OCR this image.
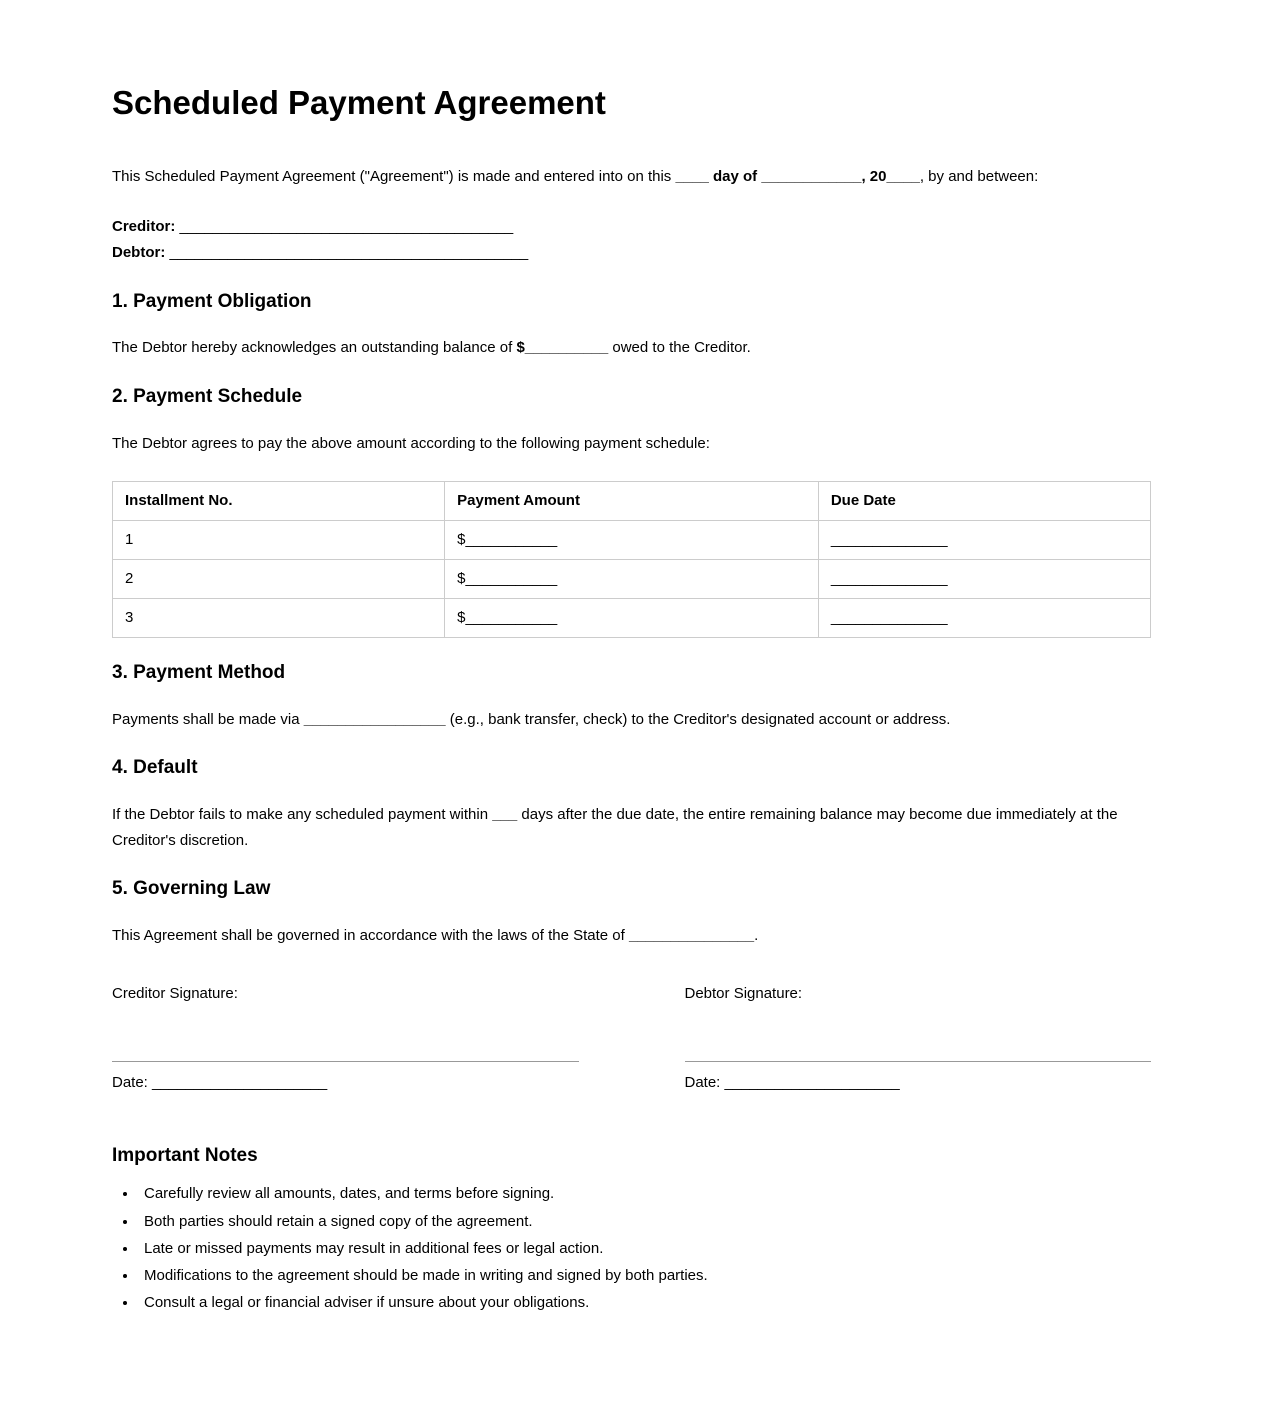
Scheduled Payment Agreement

This Scheduled Payment Agreement ("Agreement") is made and entered into on this ____ day of ____________, 20____, by and between:

Creditor: ________________________________________
Debtor: ___________________________________________
1. Payment Obligation

The Debtor hereby acknowledges an outstanding balance of $__________ owed to the Creditor.

2. Payment Schedule

The Debtor agrees to pay the above amount according to the following payment schedule:

Installment No.	Payment Amount	Due Date
1	$___________	______________
2	$___________	______________
3	$___________	______________
3. Payment Method

Payments shall be made via _________________ (e.g., bank transfer, check) to the Creditor's designated account or address.

4. Default

If the Debtor fails to make any scheduled payment within ___ days after the due date, the entire remaining balance may become due immediately at the Creditor's discretion.

5. Governing Law

This Agreement shall be governed in accordance with the laws of the State of _______________.

Creditor Signature:

Date: _____________________

Debtor Signature:

Date: _____________________

Important Notes
• Carefully review all amounts, dates, and terms before signing.
• Both parties should retain a signed copy of the agreement.
• Late or missed payments may result in additional fees or legal action.
• Modifications to the agreement should be made in writing and signed by both parties.
• Consult a legal or financial adviser if unsure about your obligations.
